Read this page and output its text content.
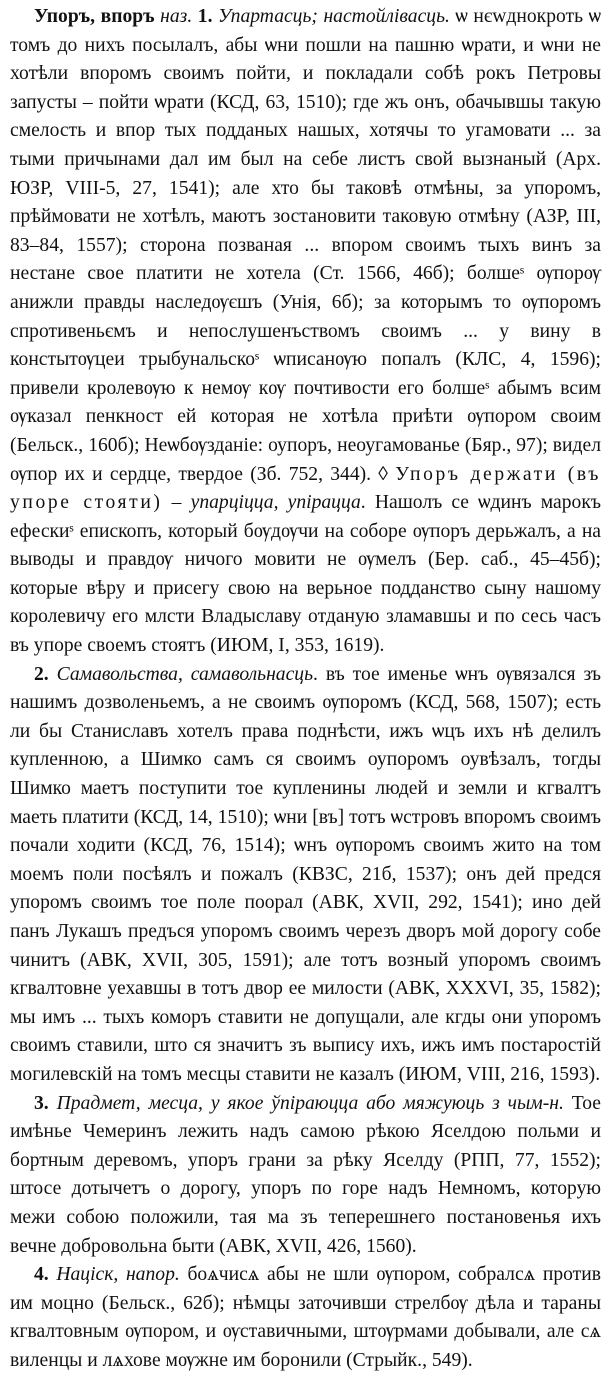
Упоръ, впоръ наз. 1. Упартасць; настойлівасць. ѡ нєwднокроть ѡ томъ до нихъ посылалъ, абы ѡни пошли на пашню ѡрати, и ѡни не хотѣли впоромъ своимъ пойти, и покладали собѣ рокъ Петровы запусты – пойти ѡрати (КСД, 63, 1510); где жъ онъ, обачывшы такую смелость и впор тых подданых нашых, хотячы то угамовати ... за тыми причынами дал им был на себе листъ свой вызнаный (Арх. ЮЗР, VIII-5, 27, 1541); але хто бы таковѣ отмѣны, за упоромъ, прѣймовати не хотѣлъ, маютъ зостановити таковую отмѣну (АЗР, III, 83–84, 1557); сторона позваная ... впором своимъ тыхъ винъ за нестане свое платити не хотела (Ст. 1566, 46б); болшеˢ ѹпорѹ анижли правды наследѹєшъ (Унія, 6б); за которымъ то ѹпоромъ спротивеньємъ и непослушенъствомъ своимъ ... у вину в констытѹцеи трыбунальскоˢ ѡписанѹю попалъ (КЛС, 4, 1596); привели кролевѹю к немѹ кѹ почтивости его болшеˢ абымъ всим ѹказал пенкност ей которая не хотѣла приѣти ѹпором своим (Бельск., 160б); Неѡбѹзданіе: оупоръ, неоугамованье (Бяр., 97); видел ѹпор их и сердце, твердое (Зб. 752, 344). ◊ Упоръ держати (въ упоре стояти) – упарціцца, упірацца. Нашолъ се ѡдинъ марокъ ефескиˢ епископъ, который бѹдѹчи на соборе ѹпоръ дерьжалъ, а на выводы и правдѹ ничого мовити не ѹмелъ (Бер. саб., 45–45б); которые вѣру и присегу свою на верьное подданство сыну нашому королевичу его млсти Владыславу отданую зламавшы и по сесь часъ въ упоре своемъ стоятъ (ИЮМ, I, 353, 1619).

2. Самавольства, самавольнасць. въ тое именье ѡнъ ѹвязался зъ нашимъ дозволеньемъ, а не своимъ ѹпоромъ (КСД, 568, 1507); есть ли бы Станиславъ хотелъ права поднѣсти, ижъ ѡцъ ихъ нѣ делилъ купленною, а Шимко самъ ся своимъ оупоромъ оувѣзалъ, тогды Шимко маетъ поступити тое купленины людей и земли и кгвалтъ маеть платити (КСД, 14, 1510); ѡни [въ] тотъ ѡстровъ впоромъ своимъ почали ходити (КСД, 76, 1514); ѡнъ ѹпоромъ своимъ жито на том моемъ поли посѣялъ и пожалъ (КВЗС, 21б, 1537); онъ дей предся упоромъ своимъ тое поле поорал (АВК, XVII, 292, 1541); ино дей панъ Лукашъ предъся упоромъ своимъ черезъ дворъ мой дорогу собе чинитъ (АВК, XVII, 305, 1591); але тотъ возный упоромъ своимъ кгвалтовне уехавшы в тотъ двор ее милости (АВК, XXXVI, 35, 1582); мы имъ ... тыхъ коморъ ставити не допущали, але кгды они упоромъ своимъ ставили, што ся значитъ зъ выпису ихъ, ижъ имъ постаростій могилевскій на томъ месцы ставити не казалъ (ИЮМ, VIII, 216, 1593).

3. Прадмет, месца, у якое ўпіраюцца або мяжуюць з чым-н. Тое имѣнье Чемеринъ лежить надъ самою рѣкою Яселдою польми и бортным деревомъ, упоръ грани за рѣку Яселду (РПП, 77, 1552); штосе дотычетъ о дорогу, упоръ по горе надъ Немномъ, которую межи собою положили, тая ма зъ теперешнего постановенья ихъ вечне добровольна быти (АВК, XVII, 426, 1560).

4. Націск, напор. боѧчисѧ абы не шли ѹпором, собралсѧ против им моцно (Бельск., 62б); нѣмцы заточивши стрелбѹ дѣла и тараны кгвалтовным ѹпором, и ѹставичными, штѹрмами добывали, але сѧ виленцы и лѧхове мѹжне им боронили (Стрыйк., 549).
